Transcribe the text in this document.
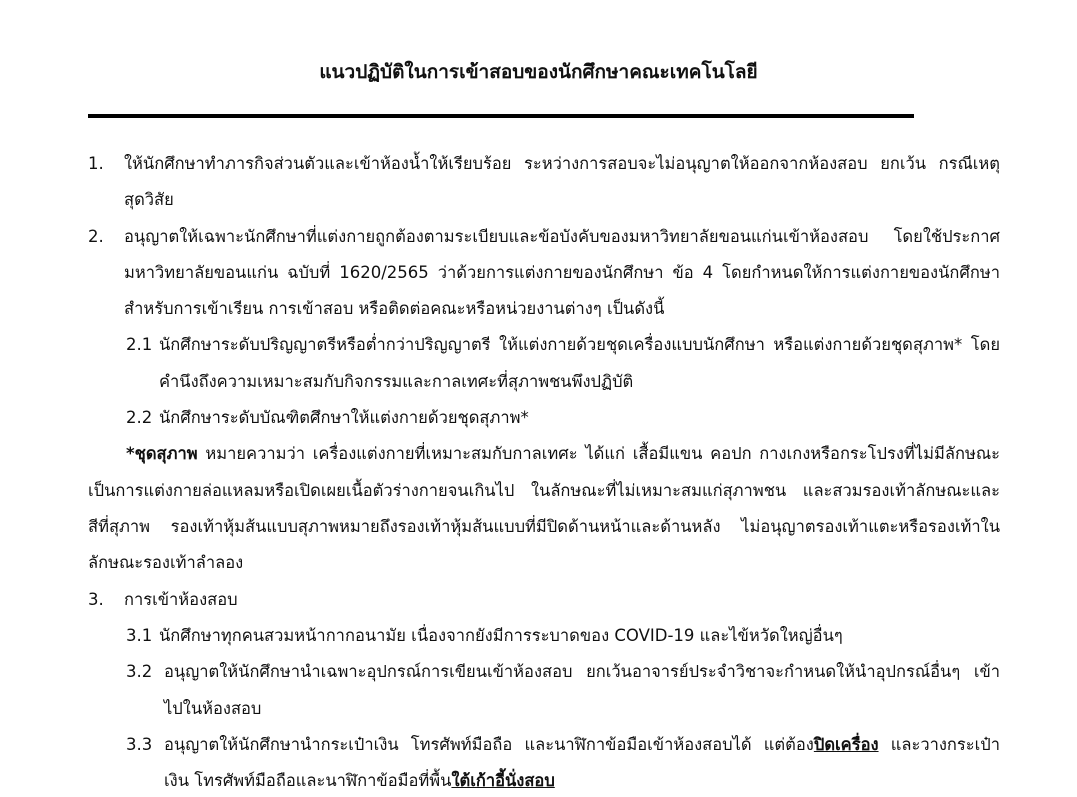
แนวปฏิบัติในการเข้าสอบของนักศึกษาคณะเทคโนโลยี
1. ให้นักศึกษาทำภารกิจส่วนตัวและเข้าห้องน้ำให้เรียบร้อย ระหว่างการสอบจะไม่อนุญาตให้ออกจากห้องสอบ ยกเว้น กรณีเหตุ
สุดวิสัย
2. อนุญาตให้เฉพาะนักศึกษาที่แต่งกายถูกต้องตามระเบียบและข้อบังคับของมหาวิทยาลัยขอนแก่นเข้าห้องสอบ โดยใช้ประกาศ
มหาวิทยาลัยขอนแก่น ฉบับที่ 1620/2565 ว่าด้วยการแต่งกายของนักศึกษา ข้อ 4 โดยกำหนดให้การแต่งกายของนักศึกษา
สำหรับการเข้าเรียน การเข้าสอบ หรือติดต่อคณะหรือหน่วยงานต่างๆ เป็นดังนี้
2.1 นักศึกษาระดับปริญญาตรีหรือต่ำกว่าปริญญาตรี ให้แต่งกายด้วยชุดเครื่องแบบนักศึกษา หรือแต่งกายด้วยชุดสุภาพ* โดย
คำนึงถึงความเหมาะสมกับกิจกรรมและกาลเทศะที่สุภาพชนพึงปฏิบัติ
2.2 นักศึกษาระดับบัณฑิตศึกษาให้แต่งกายด้วยชุดสุภาพ*
*ชุดสุภาพ หมายความว่า เครื่องแต่งกายที่เหมาะสมกับกาลเทศะ ได้แก่ เสื้อมีแขน คอปก กางเกงหรือกระโปรงที่ไม่มีลักษณะ
เป็นการแต่งกายล่อแหลมหรือเปิดเผยเนื้อตัวร่างกายจนเกินไป ในลักษณะที่ไม่เหมาะสมแก่สุภาพชน และสวมรองเท้าลักษณะและ
สีที่สุภาพ รองเท้าหุ้มส้นแบบสุภาพหมายถึงรองเท้าหุ้มส้นแบบที่มีปิดด้านหน้าและด้านหลัง ไม่อนุญาตรองเท้าแตะหรือรองเท้าใน
ลักษณะรองเท้าลำลอง
3. การเข้าห้องสอบ
3.1 นักศึกษาทุกคนสวมหน้ากากอนามัย เนื่องจากยังมีการระบาดของ COVID-19 และไข้หวัดใหญ่อื่นๆ
3.2 อนุญาตให้นักศึกษานำเฉพาะอุปกรณ์การเขียนเข้าห้องสอบ ยกเว้นอาจารย์ประจำวิชาจะกำหนดให้นำอุปกรณ์อื่นๆ เข้า
ไปในห้องสอบ
3.3 อนุญาตให้นักศึกษานำกระเป๋าเงิน โทรศัพท์มือถือ และนาฬิกาข้อมือเข้าห้องสอบได้ แต่ต้องปิดเครื่อง และวางกระเป๋า
เงิน โทรศัพท์มือถือและนาฬิกาข้อมือที่พื้นใต้เก้าอี้นั่งสอบ
